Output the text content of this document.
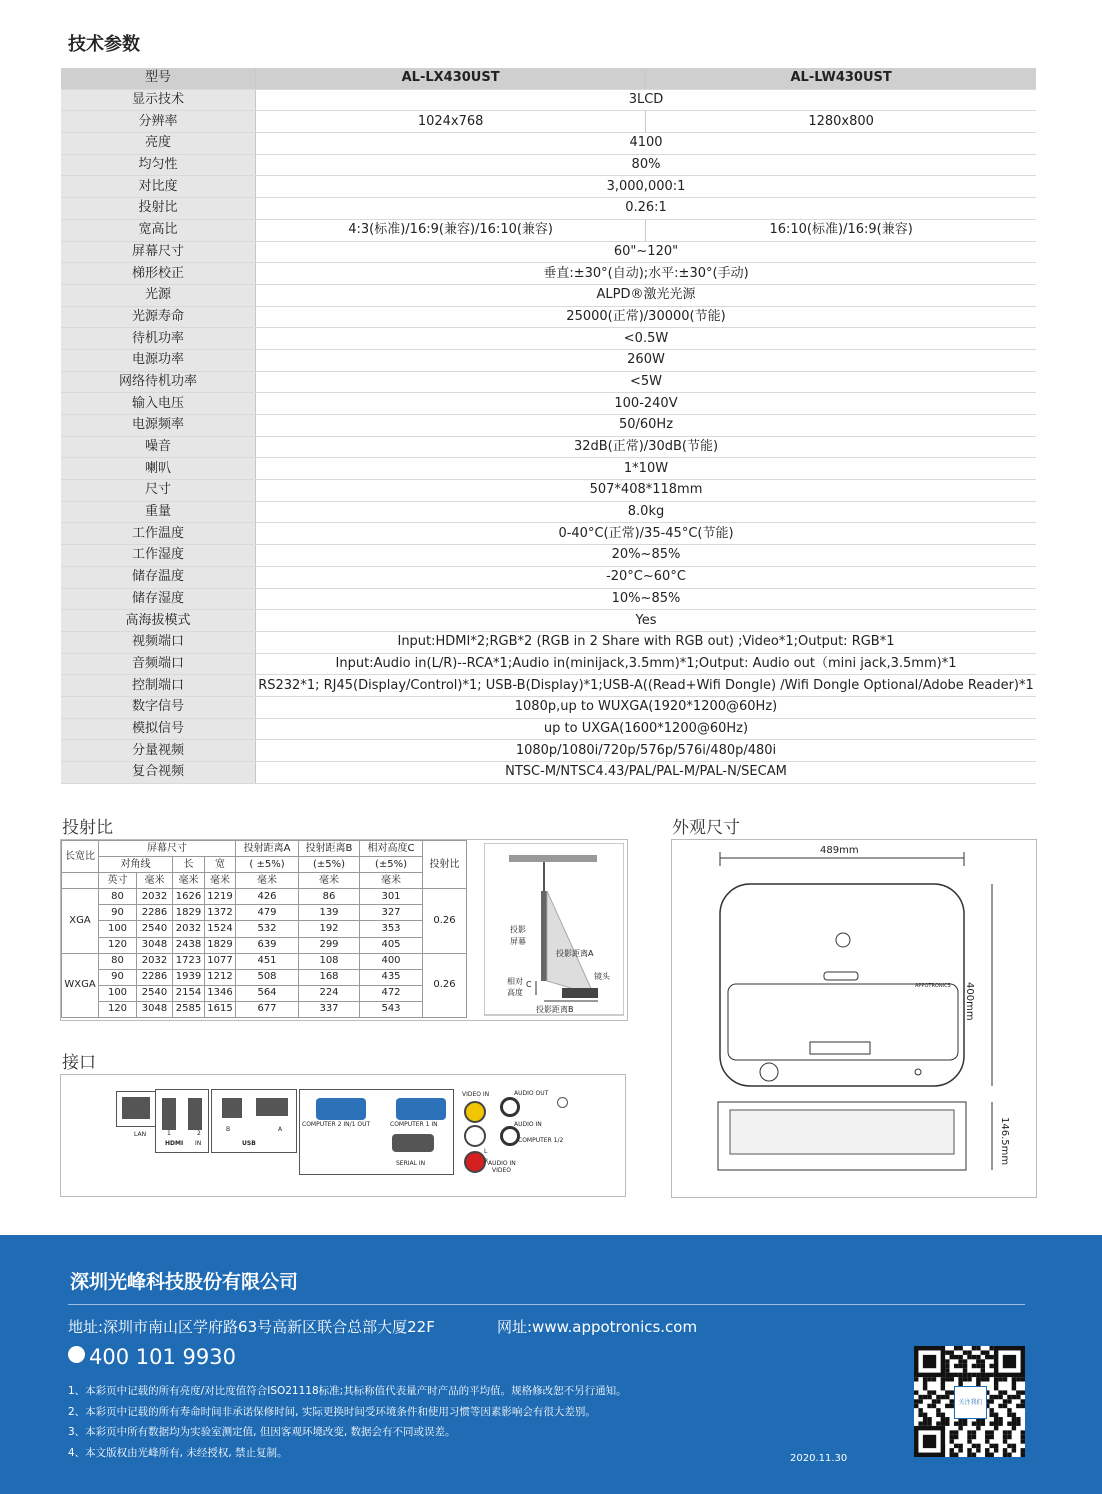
技术参数
型号	AL-LX430UST	AL-LW430UST
显示技术	3LCD	
分辨率	1024x768	1280x800
亮度	4100	
均匀性	80%	
对比度	3,000,000:1	
投射比	0.26:1	
宽高比	4:3(标准)/16:9(兼容)/16:10(兼容)	16:10(标准)/16:9(兼容)
屏幕尺寸	60"~120"	
梯形校正	垂直:±30°(自动);水平:±30°(手动)	
光源	ALPD®激光光源	
光源寿命	25000(正常)/30000(节能)	
待机功率	<0.5W	
电源功率	260W	
网络待机功率	<5W	
输入电压	100-240V	
电源频率	50/60Hz	
噪音	32dB(正常)/30dB(节能)	
喇叭	1*10W	
尺寸	507*408*118mm	
重量	8.0kg	
工作温度	0-40°C(正常)/35-45°C(节能)	
工作湿度	20%~85%	
储存温度	-20°C~60°C	
储存湿度	10%~85%	
高海拔模式	Yes	
视频端口	Input:HDMI*2;RGB*2 (RGB in 2 Share with RGB out) ;Video*1;Output: RGB*1	
音频端口	Input:Audio in(L/R)--RCA*1;Audio in(minijack,3.5mm)*1;Output: Audio out（mini jack,3.5mm)*1	
控制端口	RS232*1; RJ45(Display/Control)*1; USB-B(Display)*1;USB-A((Read+Wifi Dongle) /Wifi Dongle Optional/Adobe Reader)*1	
数字信号	1080p,up to WUXGA(1920*1200@60Hz)	
模拟信号	up to UXGA(1600*1200@60Hz)	
分量视频	1080p/1080i/720p/576p/576i/480p/480i	
复合视频	NTSC-M/NTSC4.43/PAL/PAL-M/PAL-N/SECAM	
投射比
长宽比	屏幕尺寸				投射距离A	投射距离B	相对高度C	投射比
	对角线		长	宽	( ±5%)	(±5%)	(±5%)	
	英寸	毫米	毫米	毫米	毫米	毫米	毫米	
XGA	80	2032	1626	1219	426	86	301	0.26
	90	2286	1829	1372	479	139	327	
	100	2540	2032	1524	532	192	353	
	120	3048	2438	1829	639	299	405	
WXGA	80	2032	1723	1077	451	108	400	0.26
	90	2286	1939	1212	508	168	435	
	100	2540	2154	1346	564	224	472	
	120	3048	2585	1615	677	337	543	
投影
屏幕
投影距离A
镜头
C
相对
高度
投影距离B
外观尺寸
489mm
400mm
146.5mm
APPOTRONICS
接口
LAN	1	2
HDMI IN
B	A
USB
COMPUTER 2 IN/1 OUT	COMPUTER 1 IN
SERIAL IN
VIDEO IN
L
R AUDIO IN
VIDEO
AUDIO OUT
AUDIO IN
COMPUTER 1/2
深圳光峰科技股份有限公司
地址:深圳市南山区学府路63号高新区联合总部大厦22F	网址:www.appotronics.com
400 101 9930
1、本彩页中记载的所有亮度/对比度值符合ISO21118标准;其标称值代表量产时产品的平均值。规格修改恕不另行通知。
2、本彩页中记载的所有寿命时间非承诺保修时间, 实际更换时间受环境条件和使用习惯等因素影响会有很大差别。
3、本彩页中所有数据均为实验室测定值, 但因客观环境改变, 数据会有不同或误差。
4、本文版权由光峰所有, 未经授权, 禁止复制。	2020.11.30
关注我们
